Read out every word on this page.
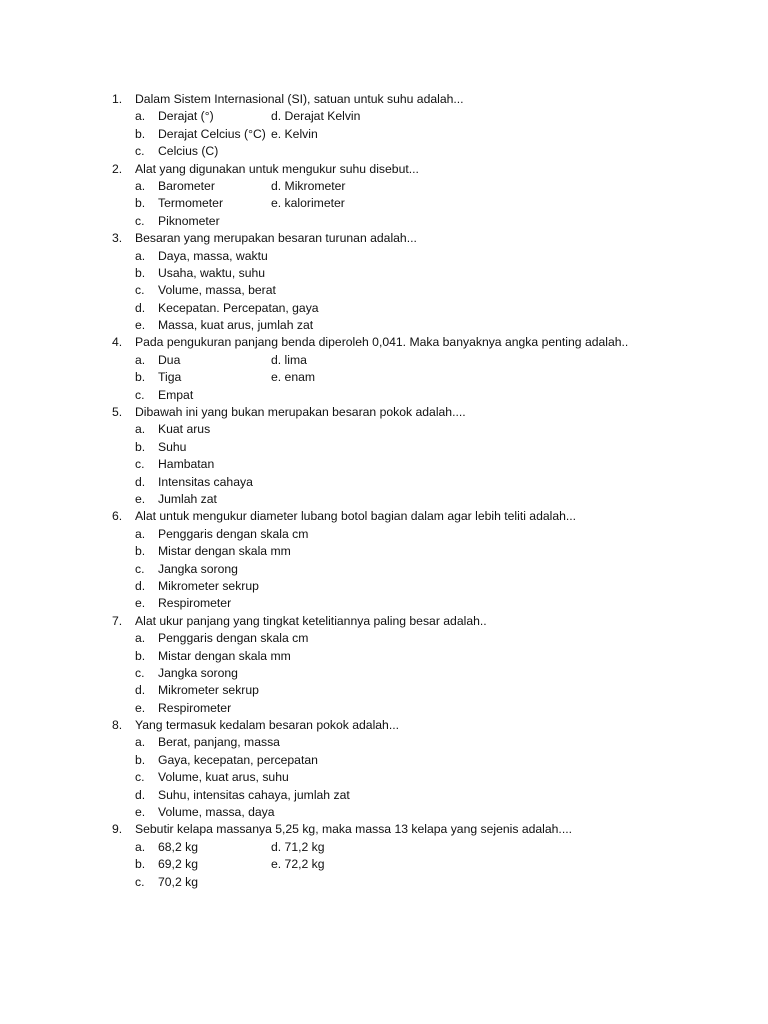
1. Dalam Sistem Internasional (SI), satuan untuk suhu adalah...
a. Derajat (°)	d. Derajat Kelvin
b. Derajat Celcius (°C) e. Kelvin
c. Celcius (C)
2. Alat yang digunakan untuk mengukur suhu disebut...
a. Barometer	d. Mikrometer
b. Termometer	e. kalorimeter
c. Piknometer
3. Besaran yang merupakan besaran turunan adalah...
a. Daya, massa, waktu
b. Usaha, waktu, suhu
c. Volume, massa, berat
d. Kecepatan. Percepatan, gaya
e. Massa, kuat arus, jumlah zat
4. Pada pengukuran panjang benda diperoleh 0,041. Maka banyaknya angka penting adalah..
a. Dua	d. lima
b. Tiga	e. enam
c. Empat
5. Dibawah ini yang bukan merupakan besaran pokok adalah....
a. Kuat arus
b. Suhu
c. Hambatan
d. Intensitas cahaya
e. Jumlah zat
6. Alat untuk mengukur diameter lubang botol bagian dalam agar lebih teliti adalah...
a. Penggaris dengan skala cm
b. Mistar dengan skala mm
c. Jangka sorong
d. Mikrometer sekrup
e. Respirometer
7. Alat ukur panjang yang tingkat ketelitiannya paling besar adalah..
a. Penggaris dengan skala cm
b. Mistar dengan skala mm
c. Jangka sorong
d. Mikrometer sekrup
e. Respirometer
8. Yang termasuk kedalam besaran pokok adalah...
a. Berat, panjang, massa
b. Gaya, kecepatan, percepatan
c. Volume, kuat arus, suhu
d. Suhu, intensitas cahaya, jumlah zat
e. Volume, massa, daya
9. Sebutir kelapa massanya 5,25 kg, maka massa 13 kelapa yang sejenis adalah....
a. 68,2 kg	d. 71,2 kg
b. 69,2 kg	e. 72,2 kg
c. 70,2 kg
